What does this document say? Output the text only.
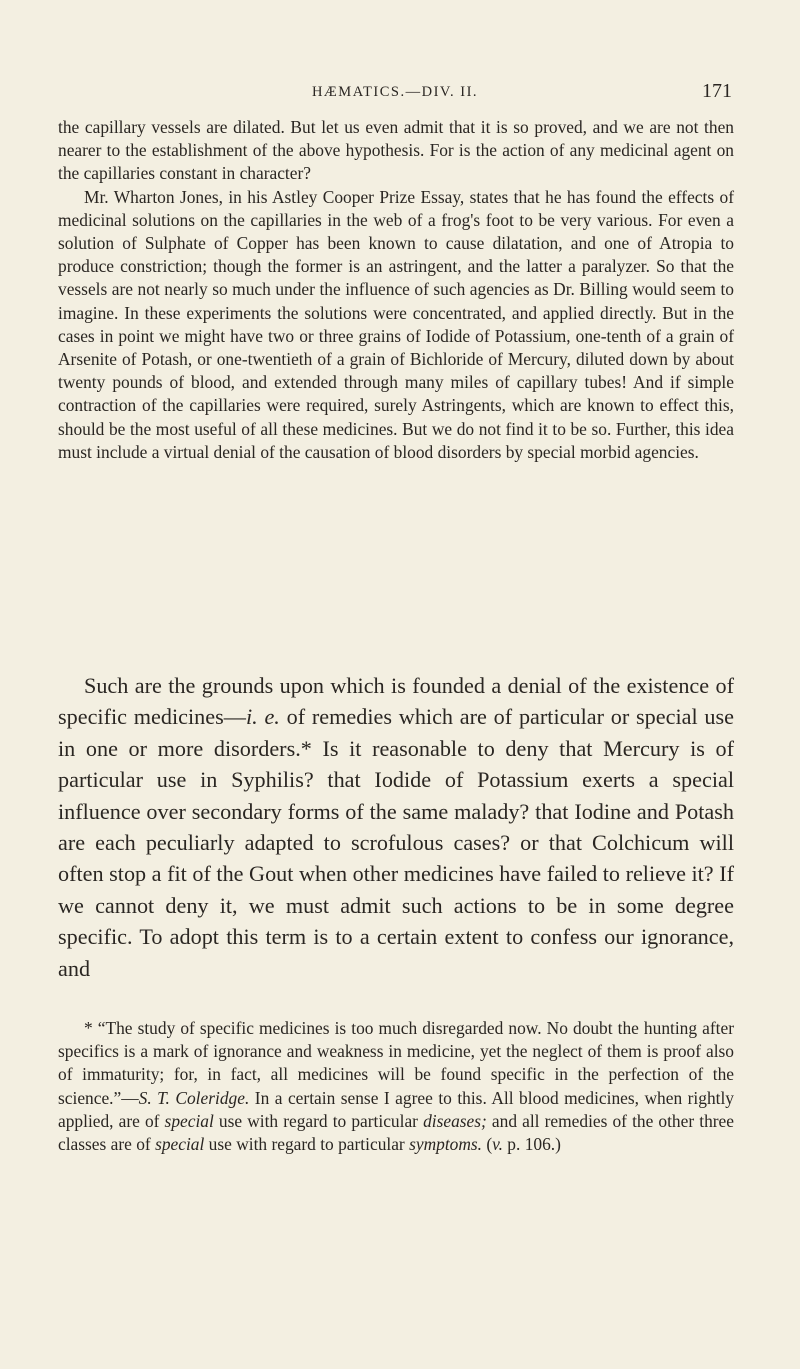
HÆMATICS.—DIV. II.	171

the capillary vessels are dilated. But let us even admit that it is so proved, and we are not then nearer to the establishment of the above hypothesis. For is the action of any medicinal agent on the capillaries constant in character?

Mr. Wharton Jones, in his Astley Cooper Prize Essay, states that he has found the effects of medicinal solutions on the capillaries in the web of a frog's foot to be very various. For even a solution of Sulphate of Copper has been known to cause dilatation, and one of Atropia to produce constriction; though the former is an astringent, and the latter a paralyzer. So that the vessels are not nearly so much under the influence of such agencies as Dr. Billing would seem to imagine. In these experiments the solutions were concentrated, and applied directly. But in the cases in point we might have two or three grains of Iodide of Potassium, one-tenth of a grain of Arsenite of Potash, or one-twentieth of a grain of Bichloride of Mercury, diluted down by about twenty pounds of blood, and extended through many miles of capillary tubes! And if simple contraction of the capillaries were required, surely Astringents, which are known to effect this, should be the most useful of all these medicines. But we do not find it to be so. Further, this idea must include a virtual denial of the causation of blood disorders by special morbid agencies.

Such are the grounds upon which is founded a denial of the existence of specific medicines—i. e. of remedies which are of particular or special use in one or more disorders.* Is it reasonable to deny that Mercury is of particular use in Syphilis? that Iodide of Potassium exerts a special influence over secondary forms of the same malady? that Iodine and Potash are each peculiarly adapted to scrofulous cases? or that Colchicum will often stop a fit of the Gout when other medicines have failed to relieve it? If we cannot deny it, we must admit such actions to be in some degree specific. To adopt this term is to a certain extent to confess our ignorance, and

* “The study of specific medicines is too much disregarded now. No doubt the hunting after specifics is a mark of ignorance and weakness in medicine, yet the neglect of them is proof also of immaturity; for, in fact, all medicines will be found specific in the perfection of the science.”—S. T. Coleridge. In a certain sense I agree to this. All blood medicines, when rightly applied, are of special use with regard to particular diseases; and all remedies of the other three classes are of special use with regard to particular symptoms. (v. p. 106.)
